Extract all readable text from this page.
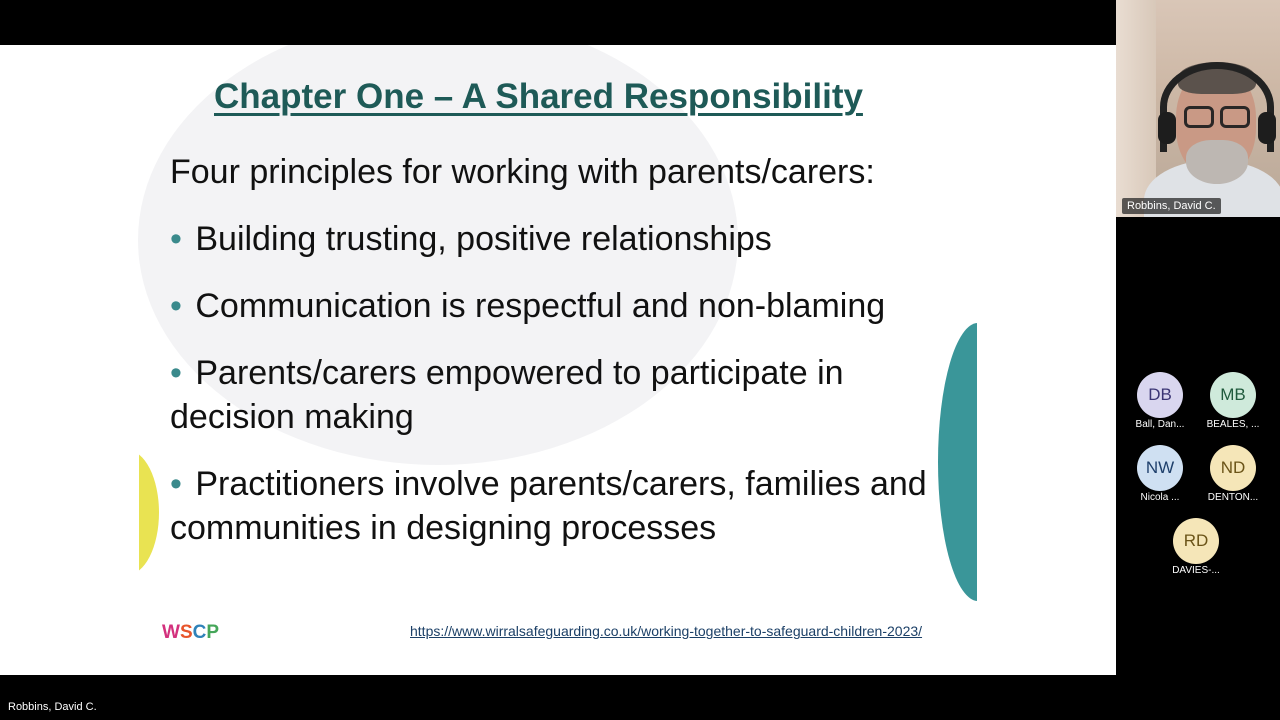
Chapter One – A Shared Responsibility
Four principles for working with parents/carers:
• Building trusting, positive relationships
• Communication is respectful and non-blaming
• Parents/carers empowered to participate in decision making
• Practitioners involve parents/carers, families and communities in designing processes
WSCP	https://www.wirralsafeguarding.co.uk/working-together-to-safeguard-children-2023/
Robbins, David C.
DB
Ball, Dan...
MB
BEALES, ...
NW
Nicola ...
ND
DENTON...
RD
DAVIES-...
Robbins, David C.
